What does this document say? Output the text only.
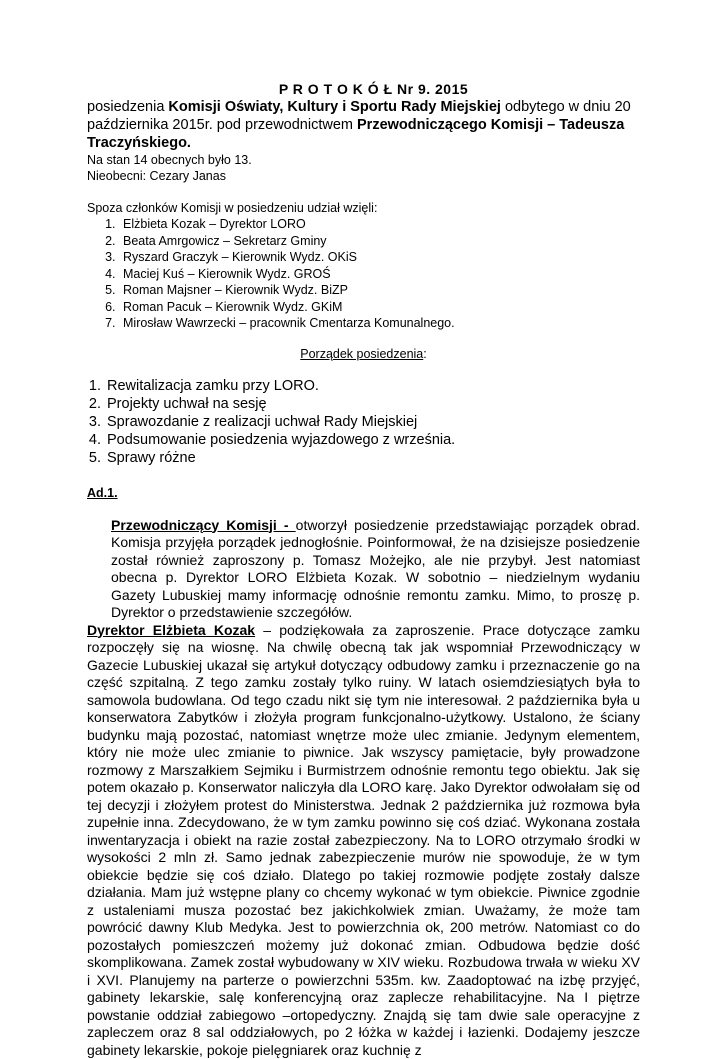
P R O T O K Ó Ł Nr 9. 2015
posiedzenia Komisji Oświaty, Kultury i Sportu Rady Miejskiej odbytego w dniu 20 października 2015r. pod przewodnictwem Przewodniczącego Komisji – Tadeusza Traczyńskiego.
Na stan 14 obecnych było 13.
Nieobecni: Cezary Janas
Spoza członków Komisji w posiedzeniu udział wzięli:
1. Elżbieta Kozak – Dyrektor LORO
2. Beata Amrgowicz – Sekretarz Gminy
3. Ryszard Graczyk – Kierownik Wydz. OKiS
4. Maciej Kuś – Kierownik Wydz. GROŚ
5. Roman Majsner – Kierownik Wydz. BiZP
6. Roman Pacuk – Kierownik Wydz. GKiM
7. Mirosław Wawrzecki – pracownik Cmentarza Komunalnego.
Porządek posiedzenia:
1. Rewitalizacja zamku przy LORO.
2. Projekty uchwał na sesję
3. Sprawozdanie z realizacji uchwał Rady Miejskiej
4. Podsumowanie posiedzenia wyjazdowego z września.
5. Sprawy różne
Ad.1.

Przewodniczący Komisji - otworzył posiedzenie przedstawiając porządek obrad. Komisja przyjęła porządek jednogłośnie. Poinformował, że na dzisiejsze posiedzenie został również zaproszony p. Tomasz Możejko, ale nie przybył. Jest natomiast obecna p. Dyrektor LORO Elżbieta Kozak. W sobotnio – niedzielnym wydaniu Gazety Lubuskiej mamy informację odnośnie remontu zamku. Mimo, to proszę p. Dyrektor o przedstawienie szczegółów.

Dyrektor Elżbieta Kozak – podziękowała za zaproszenie. Prace dotyczące zamku rozpoczęły się na wiosnę. Na chwilę obecną tak jak wspomniał Przewodniczący w Gazecie Lubuskiej ukazał się artykuł dotyczący odbudowy zamku i przeznaczenie go na część szpitalną. Z tego zamku zostały tylko ruiny. W latach osiemdziesiątych była to samowola budowlana. Od tego czadu nikt się tym nie interesował. 2 października była u konserwatora Zabytków i złożyła program funkcjonalno-użytkowy. Ustalono, że ściany budynku mają pozostać, natomiast wnętrze może ulec zmianie. Jedynym elementem, który nie może ulec zmianie to piwnice. Jak wszyscy pamiętacie, były prowadzone rozmowy z Marszałkiem Sejmiku i Burmistrzem odnośnie remontu tego obiektu. Jak się potem okazało p. Konserwator naliczyła dla LORO karę. Jako Dyrektor odwołałam się od tej decyzji i złożyłem protest do Ministerstwa. Jednak 2 października już rozmowa była zupełnie inna. Zdecydowano, że w tym zamku powinno się coś dziać. Wykonana została inwentaryzacja i obiekt na razie został zabezpieczony. Na to LORO otrzymało środki w wysokości 2 mln zł. Samo jednak zabezpieczenie murów nie spowoduje, że w tym obiekcie będzie się coś działo. Dlatego po takiej rozmowie podjęte zostały dalsze działania. Mam już wstępne plany co chcemy wykonać w tym obiekcie. Piwnice zgodnie z ustaleniami musza pozostać bez jakichkolwiek zmian. Uważamy, że może tam powrócić dawny Klub Medyka. Jest to powierzchnia ok, 200 metrów. Natomiast co do pozostałych pomieszczeń możemy już dokonać zmian. Odbudowa będzie dość skomplikowana. Zamek został wybudowany w XIV wieku. Rozbudowa trwała w wieku XV i XVI. Planujemy na parterze o powierzchni 535m. kw. Zaadoptować na izbę przyjęć, gabinety lekarskie, salę konferencyjną oraz zaplecze rehabilitacyjne. Na I piętrze powstanie oddział zabiegowo –ortopedyczny. Znajdą się tam dwie sale operacyjne z zapleczem oraz 8 sal oddziałowych, po 2 łóżka w każdej i łazienki. Dodajemy jeszcze gabinety lekarskie, pokoje pielęgniarek oraz kuchnię z
